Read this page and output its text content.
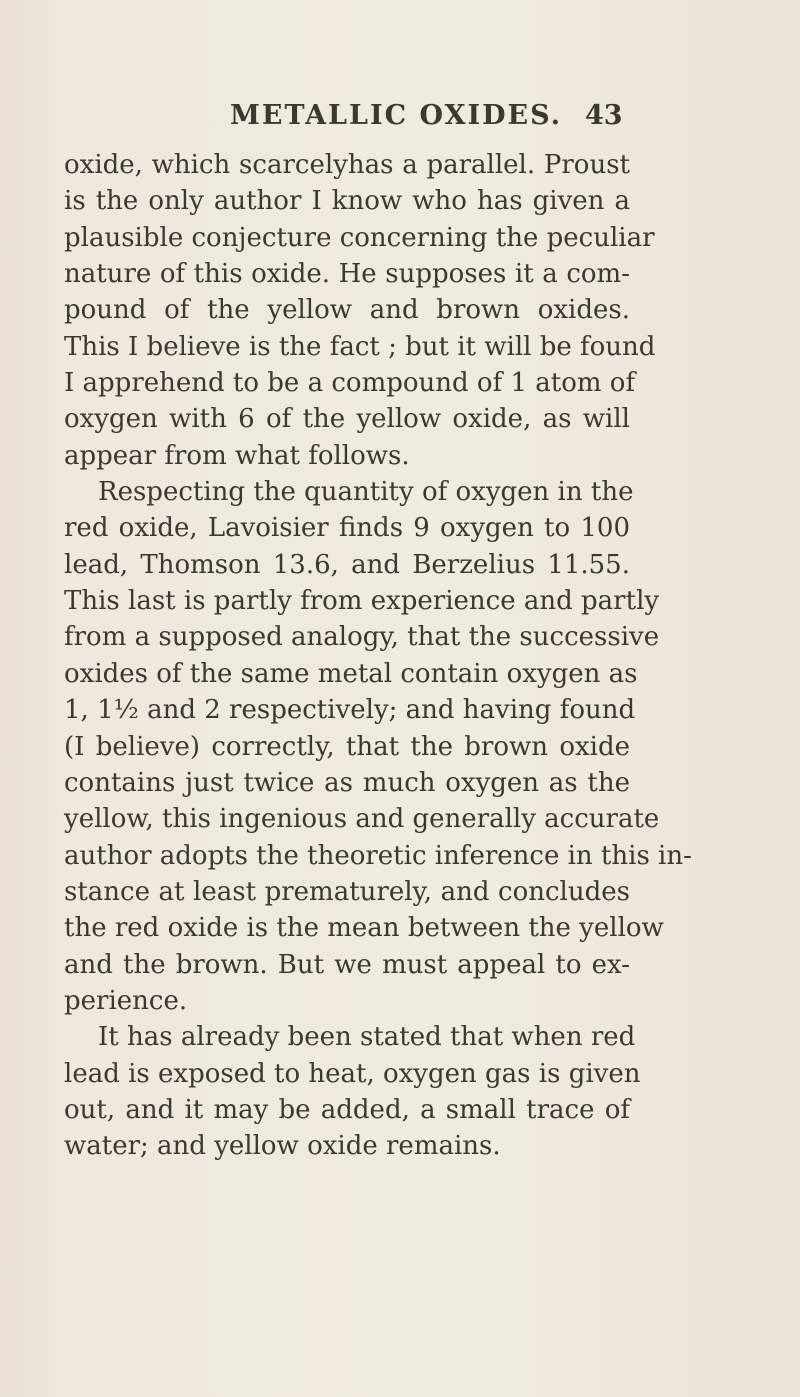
METALLIC OXIDES. 43
oxide, which scarcelyhas a parallel. Proust
is the only author I know who has given a
plausible conjecture concerning the peculiar
nature of this oxide. He supposes it a com-
pound of the yellow and brown oxides.
This I believe is the fact ; but it will be found
I apprehend to be a compound of 1 atom of
oxygen with 6 of the yellow oxide, as will
appear from what follows.
Respecting the quantity of oxygen in the
red oxide, Lavoisier finds 9 oxygen to 100
lead, Thomson 13.6, and Berzelius 11.55.
This last is partly from experience and partly
from a supposed analogy, that the successive
oxides of the same metal contain oxygen as
1, 1½ and 2 respectively; and having found
(I believe) correctly, that the brown oxide
contains just twice as much oxygen as the
yellow, this ingenious and generally accurate
author adopts the theoretic inference in this in-
stance at least prematurely, and concludes
the red oxide is the mean between the yellow
and the brown. But we must appeal to ex-
perience.
It has already been stated that when red
lead is exposed to heat, oxygen gas is given
out, and it may be added, a small trace of
water; and yellow oxide remains.
